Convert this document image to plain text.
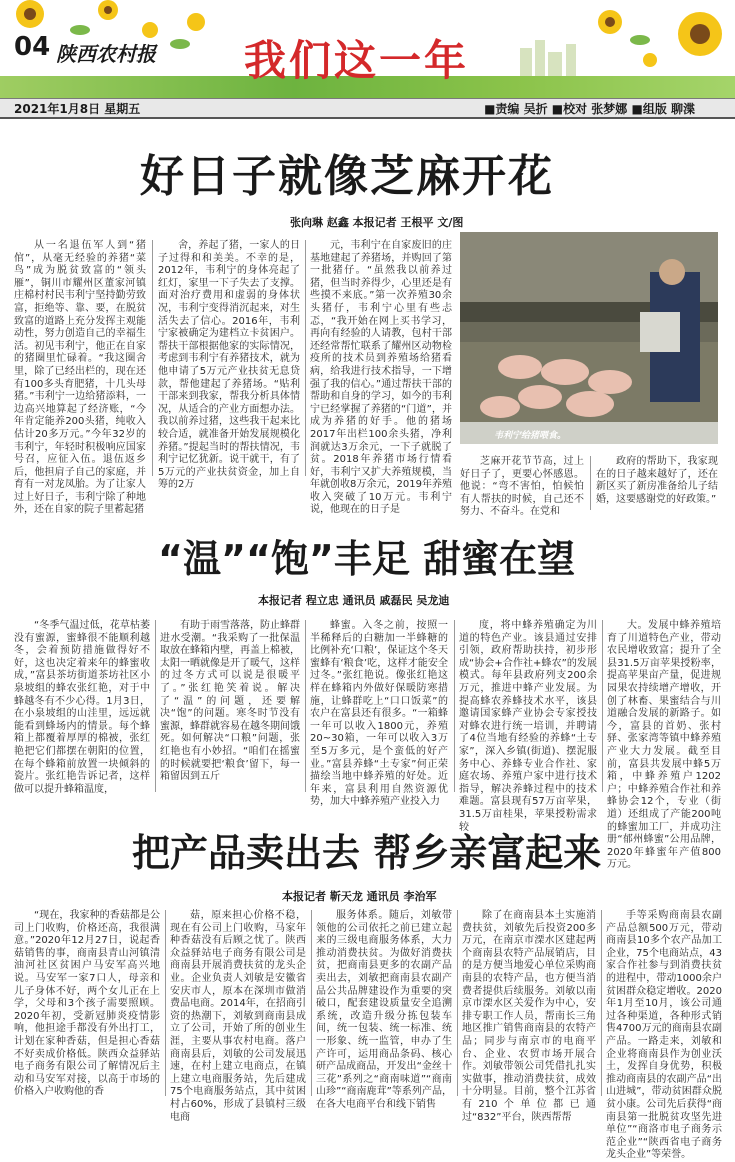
04 陕西农村报 我们这一年
2021年1月8日 星期五	■责编 吴折 ■校对 张梦娜 ■组版 聊渫
好日子就像芝麻开花
张向琳 赵鑫 本报记者 王根平 文/图

从一名退伍军人到“猪倌”，从毫无经验的养猪“菜鸟”成为脱贫致富的“领头雁”，铜川市耀州区董家河镇庄棉村村民韦利宁坚持勤劳致富，拒绝等、靠、要，在脱贫致富的道路上充分发挥主观能动性，努力创造自己的幸福生活。初见韦利宁，他正在自家的猪圈里忙碌着。“我这圈舍里，除了已经出栏的，现在还有100多头育肥猪，十几头母猪。”韦利宁一边给猪添料，一边高兴地算起了经济账，“今年肯定能养200头猪，纯收入估计20多万元。”今年32岁的韦利宁，年轻时积极响应国家号召，应征入伍。退伍返乡后，他担肩子自己的家庭，并育有一对龙凤胎。为了让家人过上好日子，韦利宁除了种地外，还在自家的院子里蓄起猪

舍，养起了猪，一家人的日子过得和和美美。不幸的是，2012年，韦利宁的身体亮起了红灯，家里一下子失去了支撑。面对治疗费用和虚弱的身体状况，韦利宁变得消沉起来，对生活失去了信心。2016年，韦利宁家被确定为建档立卡贫困户。帮扶干部根据他家的实际情况，考虑到韦利宁有养猪技术，就为他申请了5万元产业扶贫无息贷款，帮他建起了养猪场。“贴利干部来到我家，帮我分析具体情况，从适合的产业方面想办法。我以前养过猪，这些我干起来比较合适，就准备开始发展规模化养猪。”提起当时的帮扶情况，韦利宁记忆犹新。说干就干，有了5万元的产业扶贫资金，加上自筹的2万

元，韦利宁在自家废旧的庄基地建起了养猪场，并购回了第一批猪仔。“虽然我以前养过猪，但当时养得少，心里还是有些摸不来底。”第一次养殖30余头猪仔，韦利宁心里有些忐忑，“我开始在网上买书学习，再向有经验的人请教，包村干部还经常帮忙联系了耀州区动物检疫所的技术员到养殖场给猪看病，给我进行技术指导，一下增强了我的信心。”通过帮扶干部的帮助和自身的学习，如今的韦利宁已经掌握了养猪的“门道”，并成为养猪的好手。他的猪场2017年出栏100余头猪，净利润就达3万余元，一下子就脱了贫。2018年养猪市场行情看好，韦利宁又扩大养殖规模，当年就创收8万余元，2019年养殖收入突破了10万元。韦利宁说，他现在的日子是

韦利宁给猪喂食。

芝麻开花节节高，过上好日子了，更要心怀感恩。他说：“弯不害怕，怕候怕有人帮扶的时候，自己还不努力、不奋斗。在党和

政府的帮助下，我家现在的日子越来越好了，还在新区买了新房准备给儿子结婚，这要感谢党的好政策。”

“温”“饱”丰足 甜蜜在望
本报记者 程立忠 通讯员 戚磊民 吴龙迪

“冬季气温过低，花草枯萎没有蜜源，蜜蜂很不能顺利越冬，会着预防措施做得好不好，这也决定着来年的蜂蜜收成，”富县茶坊街道茶坊社区小泉坡组的蜂农张红艳，对于中蜂越冬有不少心得。1月3日，在小泉坡组的山洼里，远远就能看到蜂场内的情景。每个蜂箱上都覆着厚厚的棉被，张红艳把它们都摆在朝阳的位置，在每个蜂箱前放置一块倾斜的瓷片。张红艳告诉记者，这样做可以提升蜂箱温度，

有助于雨雪落落，防止蜂群进水受潮。“我采购了一批保温取放在蜂箱内壁，再盖上棉被，太阳一晒就像是开了暖气，这样的过冬方式可以说是很暖平了。”张红艳笑着说。解决了“温”的问题，还要解决“饱”的问题。寒冬时节没有蜜源，蜂群就容易在越冬期间饿死。如何解决“口粮”问题，张红艳也有小妙招。“咱们在摇蜜的时候就要把‘粮食’留下，每一箱留因到五斤

蜂蜜。入冬之前，按照一半稀释后的白糖加一半蜂糖的比例补充‘口粮’，保证这个冬天蜜蜂有‘粮食’吃，这样才能安全过冬。”张红艳说。像张红艳这样在蜂箱内外做好保暖防寒措施，让蜂群吃上“口口饭菜”的农户在富县还有很多。“一箱蜂一年可以收入1800元，养殖20~30箱，一年可以收入3万至5万多元，是个蛮低的好产业。”富县养蜂“土专家”何正荣描绘当地中蜂养殖的好处。近年来，富县利用自然资源优势，加大中蜂养殖产业投入力

度，将中蜂养殖确定为川道的特色产业。该县通过安排引领，政府帮助扶持，初步形成“协会+合作社+蜂农”的发展模式。每年县政府列支200余万元，推进中蜂产业发展。为提高蜂农养蜂技术水平，该县邀请国家蜂产业协会专家授技对蜂农进行统一培训，并聘请了4位当地有经验的养蜂“土专家”，深入乡镇(街道)、摆泥服务中心、养蜂专业合作社、家庭农场、养殖户家中进行技术指导，解决养蜂过程中的技术难题。富县现有57万亩苹果，31.5万亩桂果，苹果授粉需求较

大。发展中蜂养殖培育了川道特色产业，带动农民增收致富；提升了全县31.5万亩苹果授粉率，提高苹果亩产量，促进规园果农持续增产增收，开创了林畜、果蜜结合与川道融合发展的新路子。如今，富县的首奶、张村驿、张家湾等镇中蜂养殖产业大力发展。截至目前，富县共发展中蜂5万箱，中蜂养殖户1202户；中蜂养殖合作社和养蜂协会12个，专业（街道）还组成了产能200吨的蜂蜜加工厂，并成功注册“郁州蜂蜜”公用品牌，2020年蜂蜜年产值800万元。

把产品卖出去 帮乡亲富起来
本报记者 靳天龙 通讯员 李治军

“现在，我家种的香菇都是公司上门收购，价格还高，我很满意。”2020年12月27日，说起香菇销售的事，商南县青山河镇清油河社区贫困户马安军高兴地说。马安军一家7口人，母亲和儿子身体不好，两个女儿正在上学，父母和3个孩子需要照顾。2020年初，受新冠肺炎疫情影响，他担途手都没有外出打工，计划在家种香菇，但是担心香菇不好卖成价格低。陕西众益驿站电子商务有限公司了解情况后主动和马安军对接，以高于市场的价格入户收购他的香

菇，原来担心价格不稳，现在有公司上门收购，马家年种香菇没有后顾之忧了。陕西众益驿站电子商务有限公司是商南县开展消费扶贫的龙头企业。企业负责人刘敏是安徽省安庆市人，原本在深圳市做消费品电商。2014年，在招商引资的热潮下，刘敏到商南县成立了公司，开始了所的创业生涯，主要从事农村电商。落户商南县后，刘敏的公司发展迅速，在村上建立电商点，在镇上建立电商服务站，先后建成75个电商服务站点，其中贫困村占60%，形成了县镇村三级电商

服务体系。随后，刘敏带领他的公司依托之前已建立起来的三级电商服务体系，大力推动消费扶贫。为做好消费扶贫，把商南县更多的农副产品卖出去，刘敏把商南县农副产品公共品牌建设作为重要的突破口，配套建设质量安全追溯系统，改造升级分拣包装车间，统一包装、统一标准、统一形象、统一监管，申办了生产许可，运用商品条码、核心研产品成商品，开发出“金丝十三花”系列之“商南味道”“商南山珍”“商南鹿茸”等系列产品，在各大电商平台和线下销售

除了在商南县本土实施消费扶贫，刘敏先后投资200多万元，在南京市溧水区建起两个商南县农特产品展销店，目的是方便当地爱心单位采购商南县的农特产品，也方便当消费者提供后续服务。刘敏以南京市溧水区关爱作为中心，安排专职工作人员，帮南长三角地区推广销售商南县的农特产品；同步与南京市的电商平台、企业、农贸市场开展合作。刘敏带领公司凭借扎扎实实做事，推动消费扶贫，成效十分明显。目前，整个江苏省有210个单位都已通过“832”平台，陕西帮帮

手等采购商南县农副产品总额500万元，带动商南县10多个农产品加工企业，75个电商站点，43家合作社参与到消费扶贫的进程中，带动1000余户贫困群众稳定增收。2020年1月至10月，该公司通过各种渠道，各种形式销售4700万元的商南县农副产品。一路走来，刘敏和企业将商南县作为创业沃土，发挥自身优势，积极推动商南县的农副产品“出山进城”，带动贫困群众脱贫小康。公司先后获得“商南县第一批脱贫攻坚先进单位”“商洛市电子商务示范企业”“陕西省电子商务龙头企业”等荣誉。
